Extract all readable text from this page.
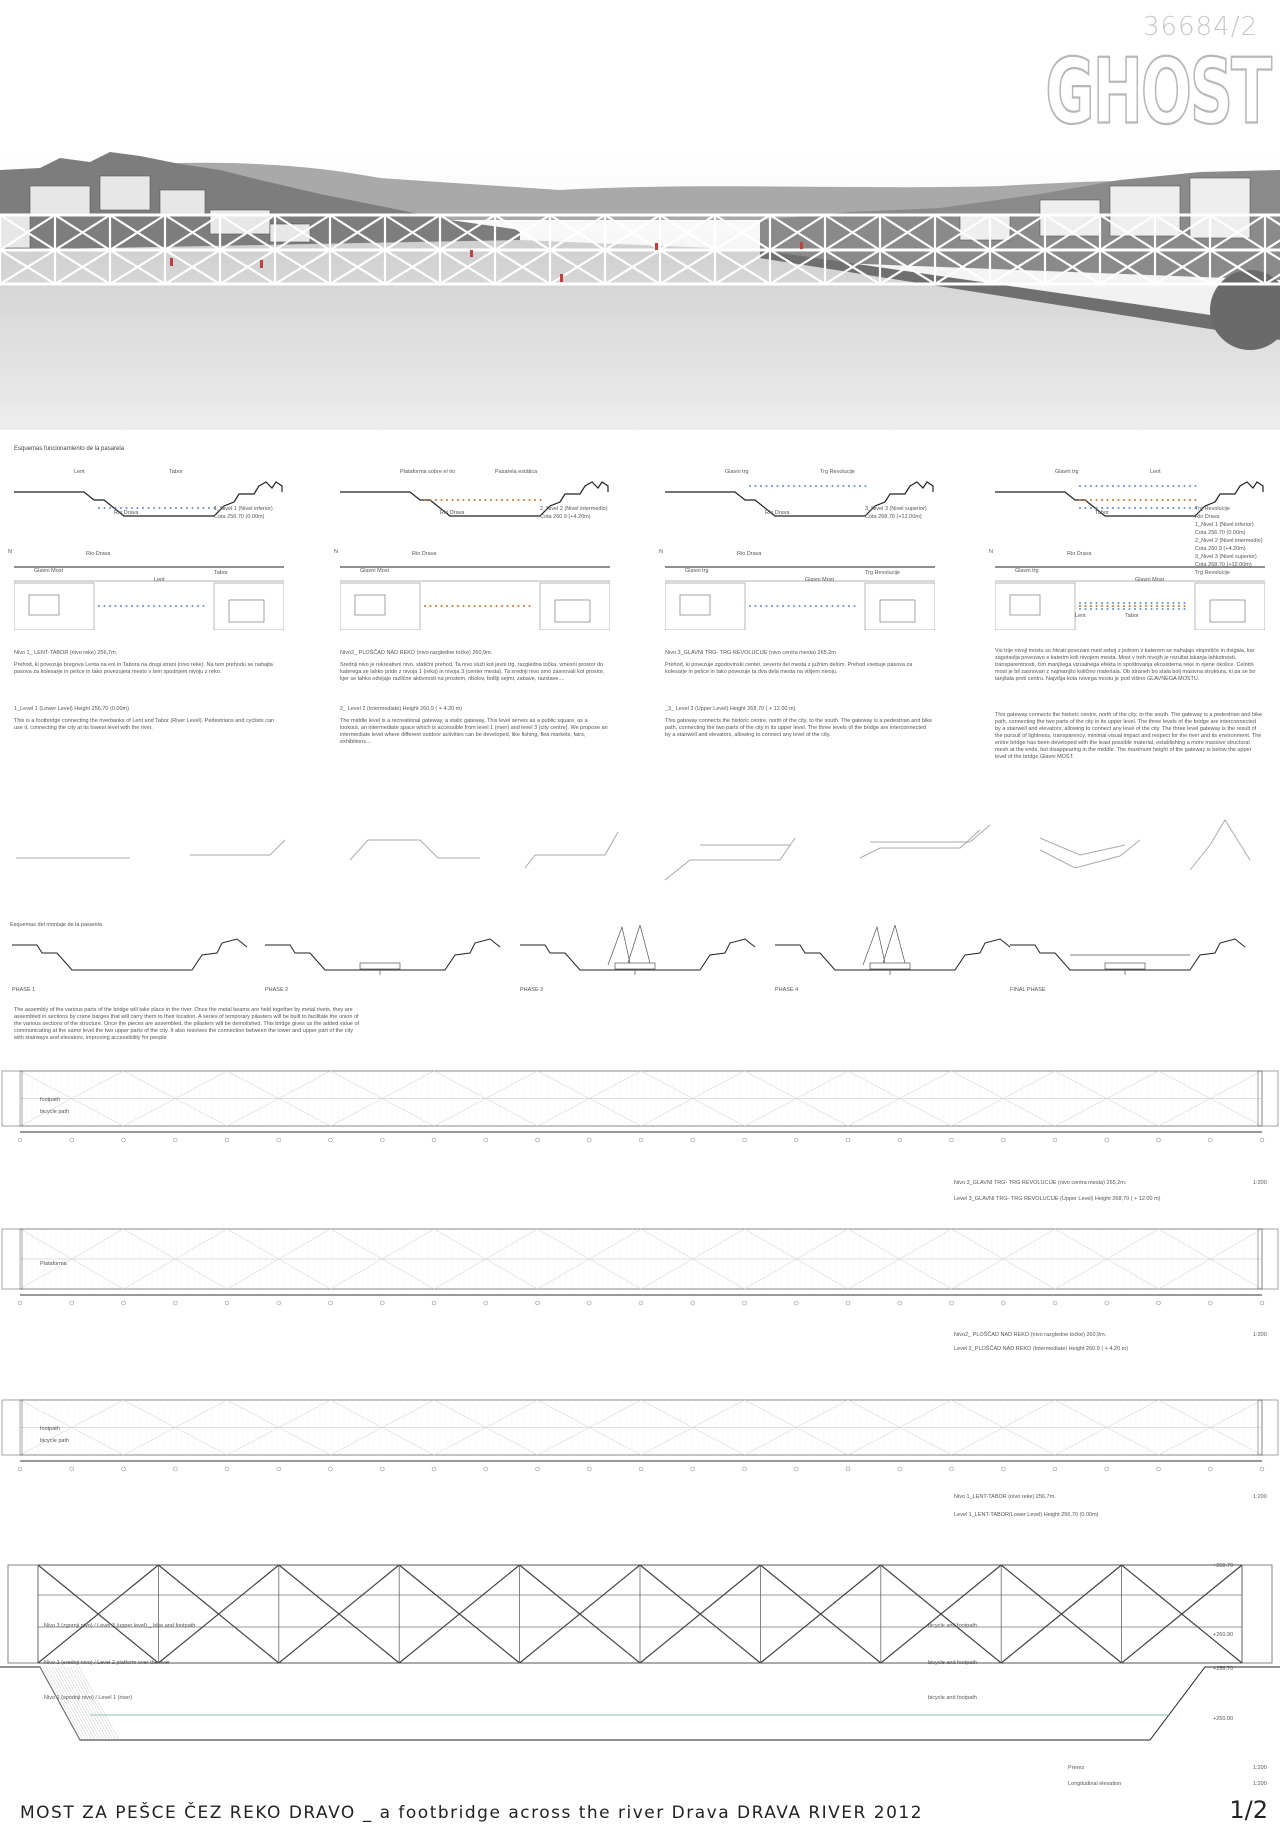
36684/2
GHOST
Esquemas funcionamiento de la pasarela
Lent	Tabor
Rio Drava
1_Nivel 1 (Nivel inferior)
Cota 256.70 (0.00m)
N	Rio Drava
Glavni Most
Lent
Tabor
Nivo 1_ LENT-TABOR (nivo reke) 256,7m.
Prehod, ki povezuje bregova Lenta na eni in Tabora na drugi strani (nivo reke). Na tem prehodu se nahajta pasova za kolesarje in pešce in tako povezujeta mesto v tem spodnjem nivoju z reko.
1_Level 1 (Lower Level) Height 256,70 (0.00m)
This is a footbridge connecting the riverbanks of Lent and Tabor (River Level). Pedestrians and cyclists can use it, connecting the city at its lowest level with the river.
Plataforma sobre el rio	Pasarela estática
Rio Drava
2_Nivel 2 (Nivel intermedio)
Cota 260.9 (+4.20m)
N	Rio Drava
Glavni Most
Nivo2_ PLOŠČAD NAD REKO (nivo razgledne točke) 260,9m.
Srednji nivo je rekreativni nivo, statični prehod. Ta nivo služi kot javni trg, razgledna točka, vmesni prostor do katerega se lahko pride z nivoja 1 (reka) in nivoja 3 (center mesta). Ta srednji nivo smo zasnovali kot prostor, kjer se lahko odvijajo različne aktivnosti na prostem, ribolov, bolšji sejmi, zabave, razstave....
2_ Level 2 (Intermediate) Height 260,9 ( + 4.20 m)
The middle level is a recreational gateway, a static gateway. This level serves as a public square, as a lookout, an intermediate space which is accessible from level 1 (river) and level 3 (city centre). We propose an intermediate level where different outdoor activities can be developed, like fishing, flea markets, fairs, exhibitions...
Glavni trg	Trg Revolucije
Rio Drava
3_Nivel 3 (Nivel superior)
Cota 268.70 (+12.00m)
N	Rio Drava
Glavni trg
Glavni Most
Trg Revolucije
Nivo 3_GLAVNI TRG- TRG REVOLUCIJE (nivo centra mesta) 265,2m.
Prehod, ki povezuje zgodovinski center, severni del mesta z južnim delom. Prehod vsebuje pasova za kolesarje in pešce in tako povezuje ta dva dela mesta na višjem nivoju.
_3_ Level 3 (Upper Level) Height 268,70 ( + 12.00 m)
This gateway connects the historic centre, north of the city, to the south. The gateway is a pedestrian and bike path, connecting the two parts of the city in its upper level. The three levels of the bridge are interconnected by a stairwell and elevators, allowing to connect any level of the city.
Glavni trg	Lent
Tabor
Trg Revolucije
Rio Drava
1_Nivel 1 (Nivel inferior)
Cota 256.70 (0.00m)
2_Nivel 2 (Nivel intermedio)
Cota 260.9 (+4.20m)
3_Nivel 3 (Nivel superior)
Cota 268.70 (+12.00m)
N	Rio Drava
Glavni trg
Glavni Most
Trg Revolucije
Lent	Tabor
Vsi trije nivoji mostu so hkrati povezani med seboj z jedrom v katerem se nahajajo stopnišče in dvigala, kar zagotavlja povezavo s katerim koli nivojem mesta. Most v treh nivojih je rezultat iskanja lahkotnosti, transparentnosti, čim manjšega vizualnega efekta in spoštovanja ekosistema reke in njene okolice. Celotni most je bil zasnovan z najmanjšo količino materiala. Ob straneh bo stala bolj masivna struktura, ki pa se bo tanjšala proti centru. Najvišja kota novega mostu je pod višino GLAVNEGA MOSTU.
This gateway connects the historic centre, north of the city, to the south. The gateway is a pedestrian and bike path, connecting the two parts of the city in its upper level. The three levels of the bridge are interconnected by a stairwell and elevators, allowing to connect any level of the city. The three level gateway is the result of the pursuit of lightness, transparency, minimal visual impact and respect for the river and its environment. The entire bridge has been developed with the least possible material, establishing a more massive structural mesh at the ends, but disappearing in the middle. The maximum height of the gateway is below the upper level of the bridge Glavni MOST.
Esquemas del montaje de la pasarela
PHASE 1	PHASE 2	PHASE 3	PHASE 4	FINAL PHASE
The assembly of the various parts of the bridge will take place in the river. Once the metal beams are held together by metal rivets, they are assembled in sections by crane barges that will carry them to their location. A series of temporary pilasters will be built to facilitate the union of the various sections of the structure. Once the pieces are assembled, the pilasters will be demolished. This bridge gives us the added value of communicating at the same level the two upper parts of the city. It also resolves the connection between the lower and upper part of the city with stairways and elevators, improving accessibility for people
Nivo 3_GLAVNI TRG- TRG REVOLUCIJE (nivo centra mesta) 265,2m.
Level 3_GLAVNI TRG- TRG REVOLUCIJE (Upper Level) Height 268,70 ( + 12.00 m)
1:200
Nivo2_ PLOŠČAD NAD REKO (nivo razgledne točke) 260,9m.
Level 2_PLOŠČAD NAD REKO (Intermediate) Height 260.9 ( + 4.20 m)
1:200
Nivo 1_LENT-TABOR (nivo reke) 256,7m.
Level 1_LENT-TABOR(Lower Level) Height 256,70 (0.00m)
1:200
Prerez
Longitudinal elevation
1:200
1:200
MOST ZA PEŠCE ČEZ REKO DRAVO _ a footbridge across the river Drava DRAVA RIVER 2012	1/2
footpath
bicycle path
Plataforma
footpath
bicycle path
Nivo 3 (zgornji nivo) / Level 3 (upper level) _ bike and footpath
Nivo 2 (srednji nivo) / Level 2 platform over the river
Nivo 1 (spodnji nivo) / Level 1 (river)
bicycle and footpath
bicycle and footpath
bicycle and footpath
+268.70
+260.90
+256.70
+250.00
